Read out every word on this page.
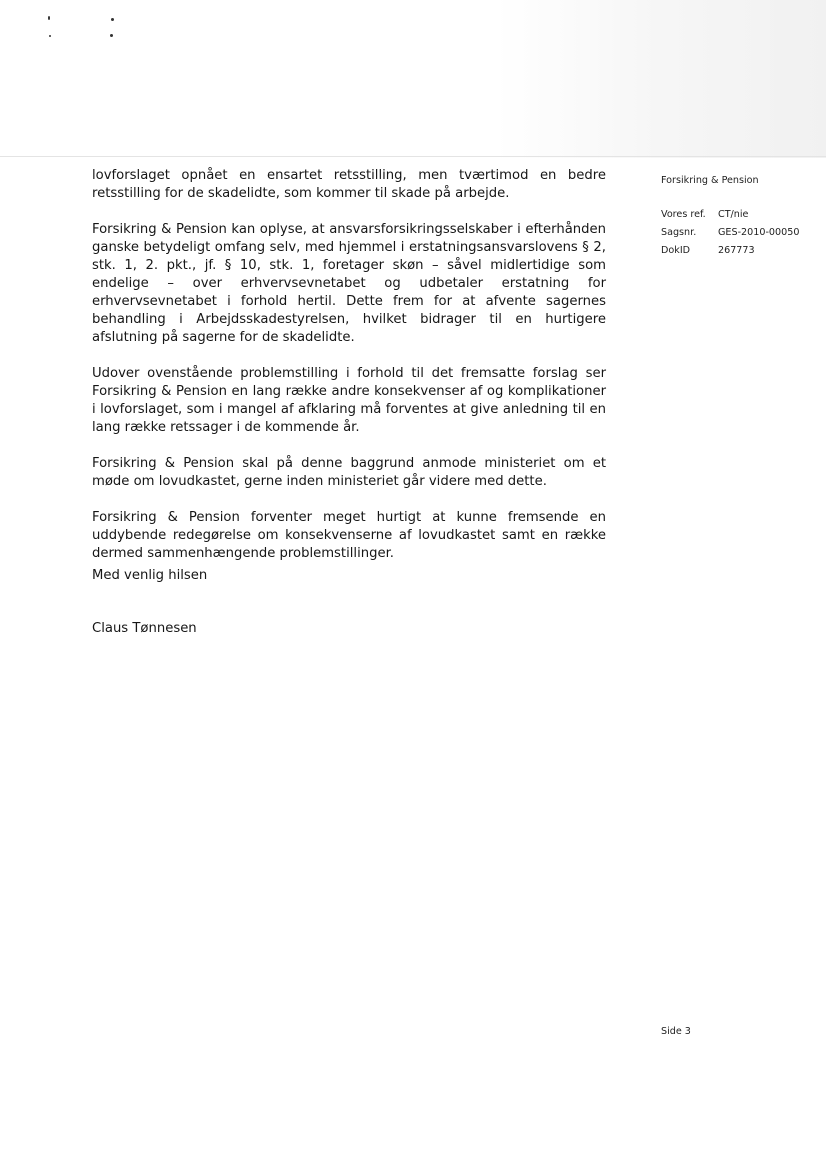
lovforslaget opnået en ensartet retsstilling, men tværtimod en bedre retsstilling for de skadelidte, som kommer til skade på arbejde.

Forsikring & Pension kan oplyse, at ansvarsforsikringsselskaber i efterhånden ganske betydeligt omfang selv, med hjemmel i erstatningsansvarslovens § 2, stk. 1, 2. pkt., jf. § 10, stk. 1, foretager skøn – såvel midlertidige som endelige – over erhvervsevnetabet og udbetaler erstatning for erhvervsevnetabet i forhold hertil. Dette frem for at afvente sagernes behandling i Arbejdsskadestyrelsen, hvilket bidrager til en hurtigere afslutning på sagerne for de skadelidte.

Udover ovenstående problemstilling i forhold til det fremsatte forslag ser Forsikring & Pension en lang række andre konsekvenser af og komplikationer i lovforslaget, som i mangel af afklaring må forventes at give anledning til en lang række retssager i de kommende år.

Forsikring & Pension skal på denne baggrund anmode ministeriet om et møde om lovudkastet, gerne inden ministeriet går videre med dette.

Forsikring & Pension forventer meget hurtigt at kunne fremsende en uddybende redegørelse om konsekvenserne af lovudkastet samt en række dermed sammenhængende problemstillinger.

Med venlig hilsen

Claus Tønnesen

Forsikring & Pension
Vores ref.	CT/nie
Sagsnr.	GES-2010-00050
DokID	267773
Side 3
